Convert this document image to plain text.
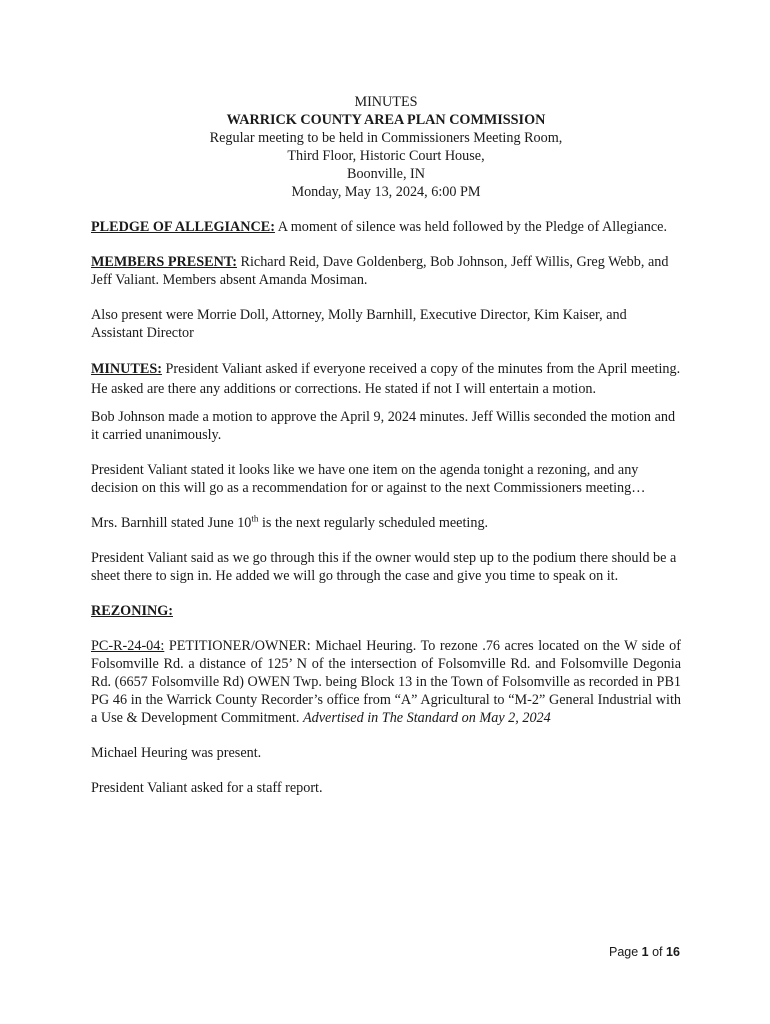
MINUTES

WARRICK COUNTY AREA PLAN COMMISSION

Regular meeting to be held in Commissioners Meeting Room,

Third Floor, Historic Court House,

Boonville, IN

Monday, May 13, 2024, 6:00 PM

PLEDGE OF ALLEGIANCE: A moment of silence was held followed by the Pledge of Allegiance.

MEMBERS PRESENT: Richard Reid, Dave Goldenberg, Bob Johnson, Jeff Willis, Greg Webb, and Jeff Valiant. Members absent Amanda Mosiman.

Also present were Morrie Doll, Attorney, Molly Barnhill, Executive Director, Kim Kaiser, and Assistant Director

MINUTES: President Valiant asked if everyone received a copy of the minutes from the April meeting. He asked are there any additions or corrections. He stated if not I will entertain a motion.

Bob Johnson made a motion to approve the April 9, 2024 minutes. Jeff Willis seconded the motion and it carried unanimously.

President Valiant stated it looks like we have one item on the agenda tonight a rezoning, and any decision on this will go as a recommendation for or against to the next Commissioners meeting…

Mrs. Barnhill stated June 10th is the next regularly scheduled meeting.

President Valiant said as we go through this if the owner would step up to the podium there should be a sheet there to sign in. He added we will go through the case and give you time to speak on it.

REZONING:

PC-R-24-04: PETITIONER/OWNER: Michael Heuring. To rezone .76 acres located on the W side of Folsomville Rd. a distance of 125’ N of the intersection of Folsomville Rd. and Folsomville Degonia Rd. (6657 Folsomville Rd) OWEN Twp. being Block 13 in the Town of Folsomville as recorded in PB1 PG 46 in the Warrick County Recorder’s office from “A” Agricultural to “M-2” General Industrial with a Use & Development Commitment. Advertised in The Standard on May 2, 2024

Michael Heuring was present.

President Valiant asked for a staff report.

Page 1 of 16
